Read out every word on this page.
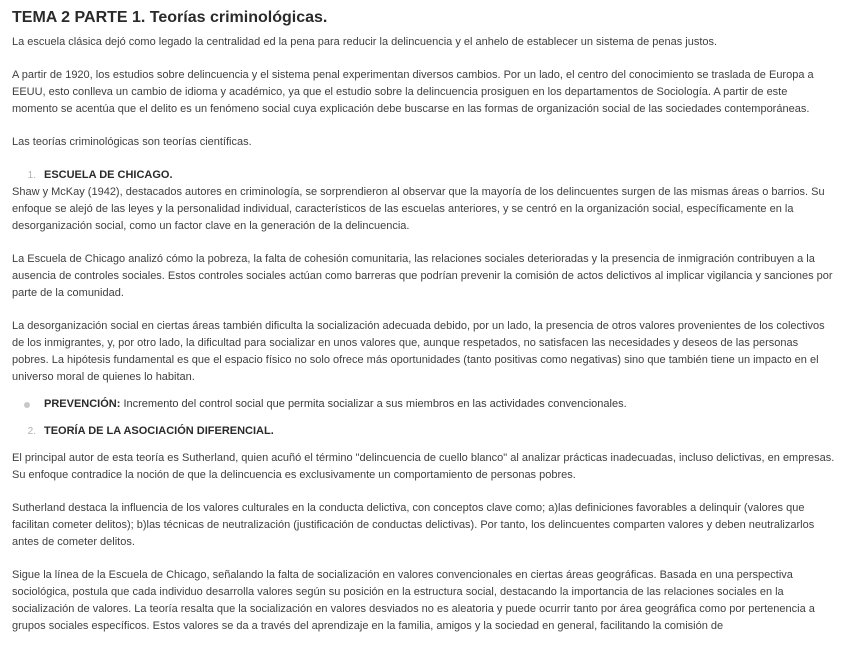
TEMA 2 PARTE 1. Teorías criminológicas.

La escuela clásica dejó como legado la centralidad ed la pena para reducir la delincuencia y el anhelo de establecer un sistema de penas justos.

A partir de 1920, los estudios sobre delincuencia y el sistema penal experimentan diversos cambios. Por un lado, el centro del conocimiento se traslada de Europa a EEUU, esto conlleva un cambio de idioma y académico, ya que el estudio sobre la delincuencia prosiguen en los departamentos de Sociología. A partir de este momento se acentúa que el delito es un fenómeno social cuya explicación debe buscarse en las formas de organización social de las sociedades contemporáneas.

Las teorías criminológicas son teorías científicas.

1. ESCUELA DE CHICAGO.

Shaw y McKay (1942), destacados autores en criminología, se sorprendieron al observar que la mayoría de los delincuentes surgen de las mismas áreas o barrios. Su enfoque se alejó de las leyes y la personalidad individual, característicos de las escuelas anteriores, y se centró en la organización social, específicamente en la desorganización social, como un factor clave en la generación de la delincuencia.

La Escuela de Chicago analizó cómo la pobreza, la falta de cohesión comunitaria, las relaciones sociales deterioradas y la presencia de inmigración contribuyen a la ausencia de controles sociales. Estos controles sociales actúan como barreras que podrían prevenir la comisión de actos delictivos al implicar vigilancia y sanciones por parte de la comunidad.

La desorganización social en ciertas áreas también dificulta la socialización adecuada debido, por un lado, la presencia de otros valores provenientes de los colectivos de los inmigrantes, y, por otro lado, la dificultad para socializar en unos valores que, aunque respetados, no satisfacen las necesidades y deseos de las personas pobres. La hipótesis fundamental es que el espacio físico no solo ofrece más oportunidades (tanto positivas como negativas) sino que también tiene un impacto en el universo moral de quienes lo habitan.

PREVENCIÓN: Incremento del control social que permita socializar a sus miembros en las actividades convencionales.
2. TEORÍA DE LA ASOCIACIÓN DIFERENCIAL.

El principal autor de esta teoría es Sutherland, quien acuñó el término "delincuencia de cuello blanco" al analizar prácticas inadecuadas, incluso delictivas, en empresas. Su enfoque contradice la noción de que la delincuencia es exclusivamente un comportamiento de personas pobres.

Sutherland destaca la influencia de los valores culturales en la conducta delictiva, con conceptos clave como; a)las definiciones favorables a delinquir (valores que facilitan cometer delitos); b)las técnicas de neutralización (justificación de conductas delictivas). Por tanto, los delincuentes comparten valores y deben neutralizarlos antes de cometer delitos.

Sigue la línea de la Escuela de Chicago, señalando la falta de socialización en valores convencionales en ciertas áreas geográficas. Basada en una perspectiva sociológica, postula que cada individuo desarrolla valores según su posición en la estructura social, destacando la importancia de las relaciones sociales en la socialización de valores. La teoría resalta que la socialización en valores desviados no es aleatoria y puede ocurrir tanto por área geográfica como por pertenencia a grupos sociales específicos. Estos valores se da a través del aprendizaje en la familia, amigos y la sociedad en general, facilitando la comisión de
